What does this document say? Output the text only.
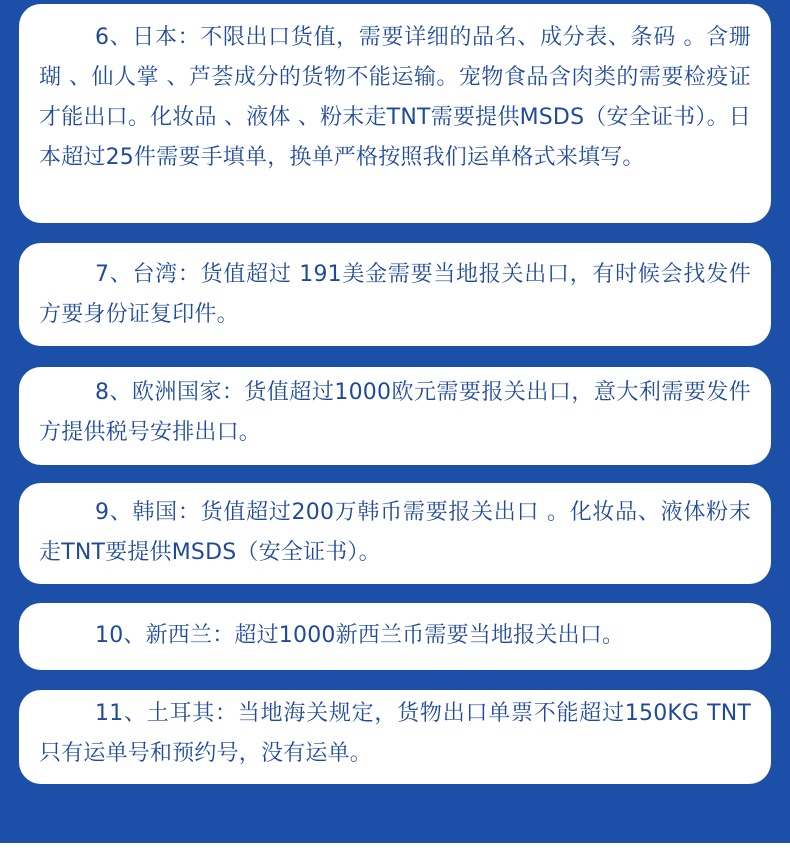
6、日本：不限出口货值，需要详细的品名、成分表、条码 。含珊瑚 、仙人掌 、芦荟成分的货物不能运输。宠物食品含肉类的需要检疫证才能出口。化妆品 、液体 、粉末走TNT需要提供MSDS（安全证书）。日本超过25件需要手填单，换单严格按照我们运单格式来填写。

7、台湾：货值超过 191美金需要当地报关出口，有时候会找发件方要身份证复印件。

8、欧洲国家：货值超过1000欧元需要报关出口，意大利需要发件方提供税号安排出口。

9、韩国：货值超过200万韩币需要报关出口 。化妆品、液体粉末走TNT要提供MSDS（安全证书）。

10、新西兰：超过1000新西兰币需要当地报关出口。

11、土耳其：当地海关规定，货物出口单票不能超过150KG TNT只有运单号和预约号，没有运单。
